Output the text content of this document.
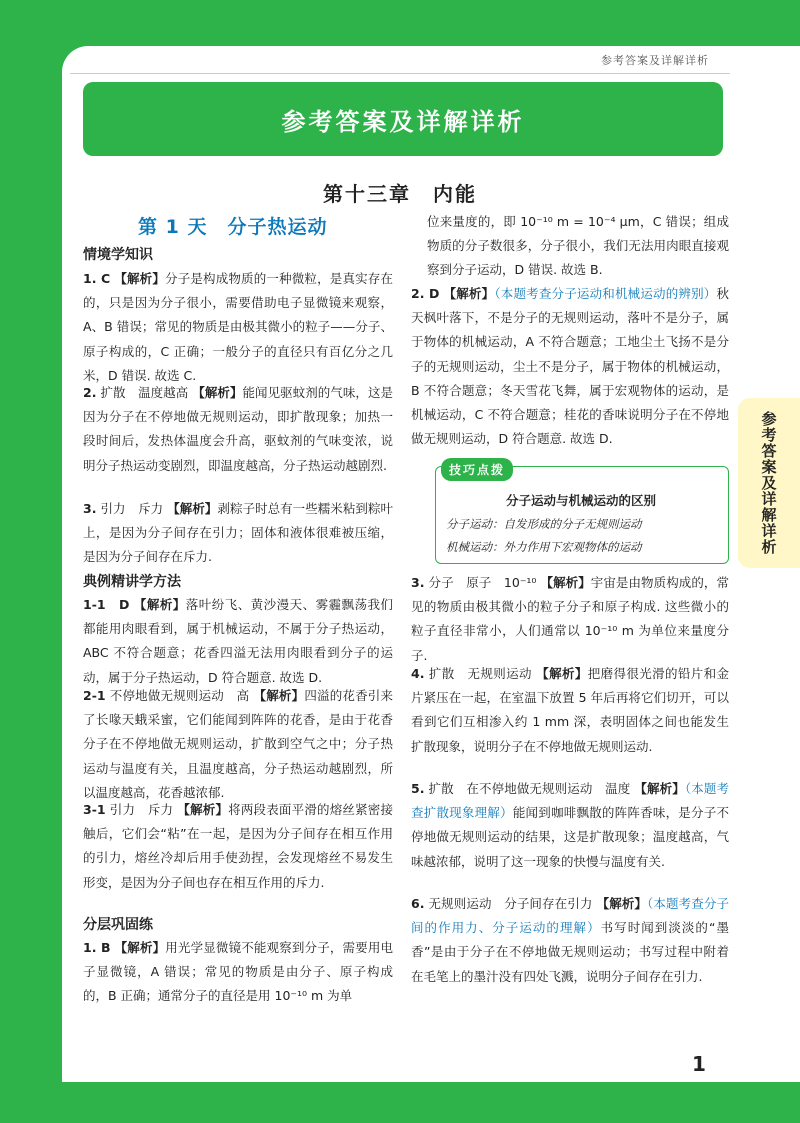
参考答案及详解详析
参考答案及详解详析
第十三章　内能
第 1 天　分子热运动
情境学知识
1. C 【解析】分子是构成物质的一种微粒，是真实存在的，只是因为分子很小，需要借助电子显微镜来观察，A、B 错误；常见的物质是由极其微小的粒子——分子、原子构成的，C 正确；一般分子的直径只有百亿分之几米，D 错误. 故选 C.
2. 扩散　温度越高 【解析】能闻见驱蚊剂的气味，这是因为分子在不停地做无规则运动，即扩散现象；加热一段时间后，发热体温度会升高，驱蚊剂的气味变浓，说明分子热运动变剧烈，即温度越高，分子热运动越剧烈.
3. 引力　斥力 【解析】剥粽子时总有一些糯米粘到粽叶上，是因为分子间存在引力；固体和液体很难被压缩，是因为分子间存在斥力.
典例精讲学方法
1-1　D 【解析】落叶纷飞、黄沙漫天、雾霾飘荡我们都能用肉眼看到，属于机械运动，不属于分子热运动，ABC 不符合题意；花香四溢无法用肉眼看到分子的运动，属于分子热运动，D 符合题意. 故选 D.
2-1 不停地做无规则运动　高 【解析】四溢的花香引来了长喙天蛾采蜜，它们能闻到阵阵的花香，是由于花香分子在不停地做无规则运动，扩散到空气之中；分子热运动与温度有关，且温度越高，分子热运动越剧烈，所以温度越高，花香越浓郁.
3-1 引力　斥力 【解析】将两段表面平滑的熔丝紧密接触后，它们会“粘”在一起，是因为分子间存在相互作用的引力，熔丝冷却后用手使劲捏，会发现熔丝不易发生形变，是因为分子间也存在相互作用的斥力.
分层巩固练
1. B 【解析】用光学显微镜不能观察到分子，需要用电子显微镜，A 错误；常见的物质是由分子、原子构成的，B 正确；通常分子的直径是用 10⁻¹⁰ m 为单
位来量度的，即 10⁻¹⁰ m = 10⁻⁴ μm，C 错误；组成物质的分子数很多，分子很小，我们无法用肉眼直接观察到分子运动，D 错误. 故选 B.
2. D 【解析】（本题考查分子运动和机械运动的辨别）秋天枫叶落下，不是分子的无规则运动，落叶不是分子，属于物体的机械运动，A 不符合题意；工地尘土飞扬不是分子的无规则运动，尘土不是分子，属于物体的机械运动，B 不符合题意；冬天雪花飞舞，属于宏观物体的运动，是机械运动，C 不符合题意；桂花的香味说明分子在不停地做无规则运动，D 符合题意. 故选 D.
技巧点拨
分子运动与机械运动的区别
分子运动：自发形成的分子无规则运动
机械运动：外力作用下宏观物体的运动
3. 分子　原子　10⁻¹⁰ 【解析】宇宙是由物质构成的，常见的物质由极其微小的粒子分子和原子构成. 这些微小的粒子直径非常小，人们通常以 10⁻¹⁰ m 为单位来量度分子.
4. 扩散　无规则运动 【解析】把磨得很光滑的铅片和金片紧压在一起，在室温下放置 5 年后再将它们切开，可以看到它们互相渗入约 1 mm 深，表明固体之间也能发生扩散现象，说明分子在不停地做无规则运动.
5. 扩散　在不停地做无规则运动　温度 【解析】（本题考查扩散现象理解）能闻到咖啡飘散的阵阵香味，是分子不停地做无规则运动的结果，这是扩散现象；温度越高，气味越浓郁，说明了这一现象的快慢与温度有关.
6. 无规则运动　分子间存在引力 【解析】（本题考查分子间的作用力、分子运动的理解）书写时闻到淡淡的“墨香”是由于分子在不停地做无规则运动；书写过程中附着在毛笔上的墨汁没有四处飞溅，说明分子间存在引力.
参考答案及详解详析
1
